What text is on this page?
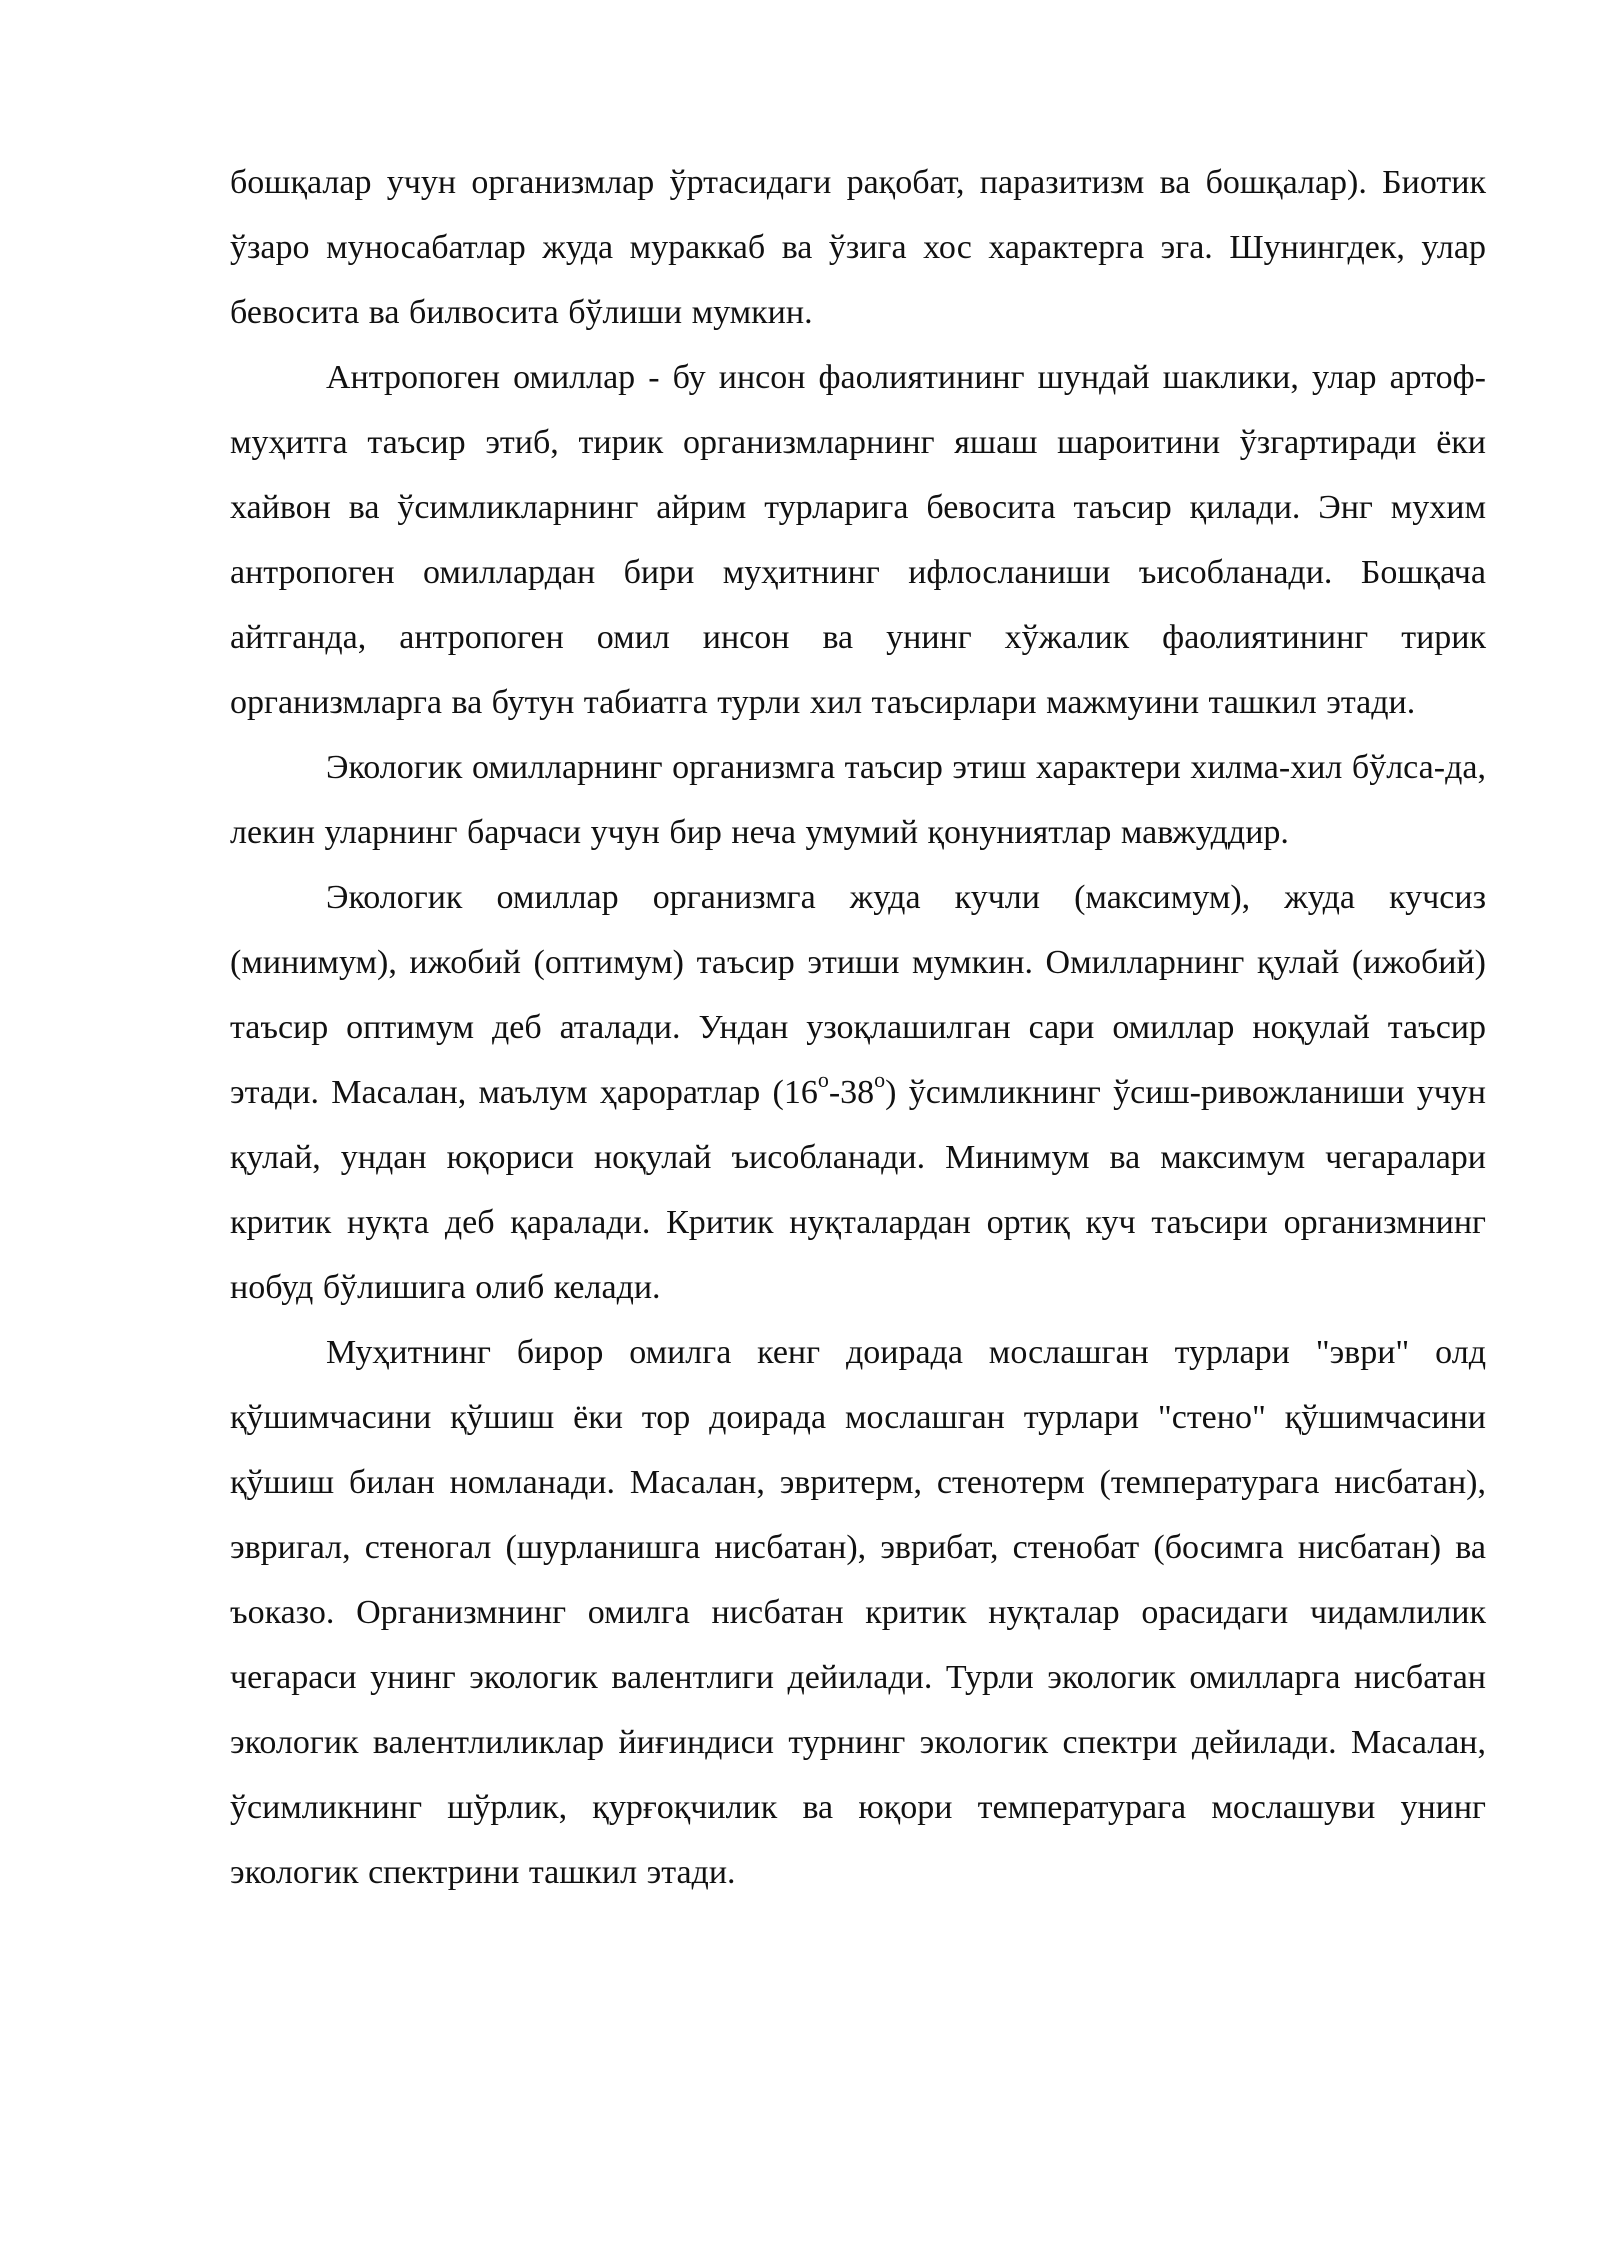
бошқалар учун организмлар ўртасидаги рақобат, паразитизм ва бошқалар). Биотик ўзаро муносабатлар жуда мураккаб ва ўзига хос характерга эга. Шунингдек, улар бевосита ва билвосита бўлиши мумкин.

Антропоген омиллар - бу инсон фаолиятининг шундай шаклики, улар артоф-муҳитга таъсир этиб, тирик организмларнинг яшаш шароитини ўзгартиради ёки хайвон ва ўсимликларнинг айрим турларига бевосита таъсир қилади. Энг мухим антропоген омиллардан бири муҳитнинг ифлосланиши ъисобланади. Бошқача айтганда, антропоген омил инсон ва унинг хўжалик фаолиятининг тирик организмларга ва бутун табиатга турли хил таъсирлари мажмуини ташкил этади.

Экологик омилларнинг организмга таъсир этиш характери хилма-хил бўлса-да, лекин уларнинг барчаси учун бир неча умумий қонуниятлар мавжуддир.

Экологик омиллар организмга жуда кучли (максимум), жуда кучсиз (минимум), ижобий (оптимум) таъсир этиши мумкин. Омилларнинг қулай (ижобий) таъсир оптимум деб аталади. Ундан узоқлашилган сари омиллар ноқулай таъсир этади. Масалан, маълум ҳароратлар (16$^o$-38$^o$) ўсимликнинг ўсиш-ривожланиши учун қулай, ундан юқориси ноқулай ъисобланади. Минимум ва максимум чегаралари критик нуқта деб қаралади. Критик нуқталардан ортиқ куч таъсири организмнинг нобуд бўлишига олиб келади.

Муҳитнинг бирор омилга кенг доирада мослашган турлари "эври" олд қўшимчасини қўшиш ёки тор доирада мослашган турлари "стено" қўшимчасини қўшиш билан номланади. Масалан, эвритерм, стенотерм (температурага нисбатан), эвригал, стеногал (шурланишга нисбатан), эврибат, стенобат (босимга нисбатан) ва ъоказо. Организмнинг омилга нисбатан критик нуқталар орасидаги чидамлилик чегараси унинг экологик валентлиги дейилади. Турли экологик омилларга нисбатан экологик валентлиликлар йиғиндиси турнинг экологик спектри дейилади. Масалан, ўсимликнинг шўрлик, қурғоқчилик ва юқори температурага мослашуви унинг экологик спектрини ташкил этади.
